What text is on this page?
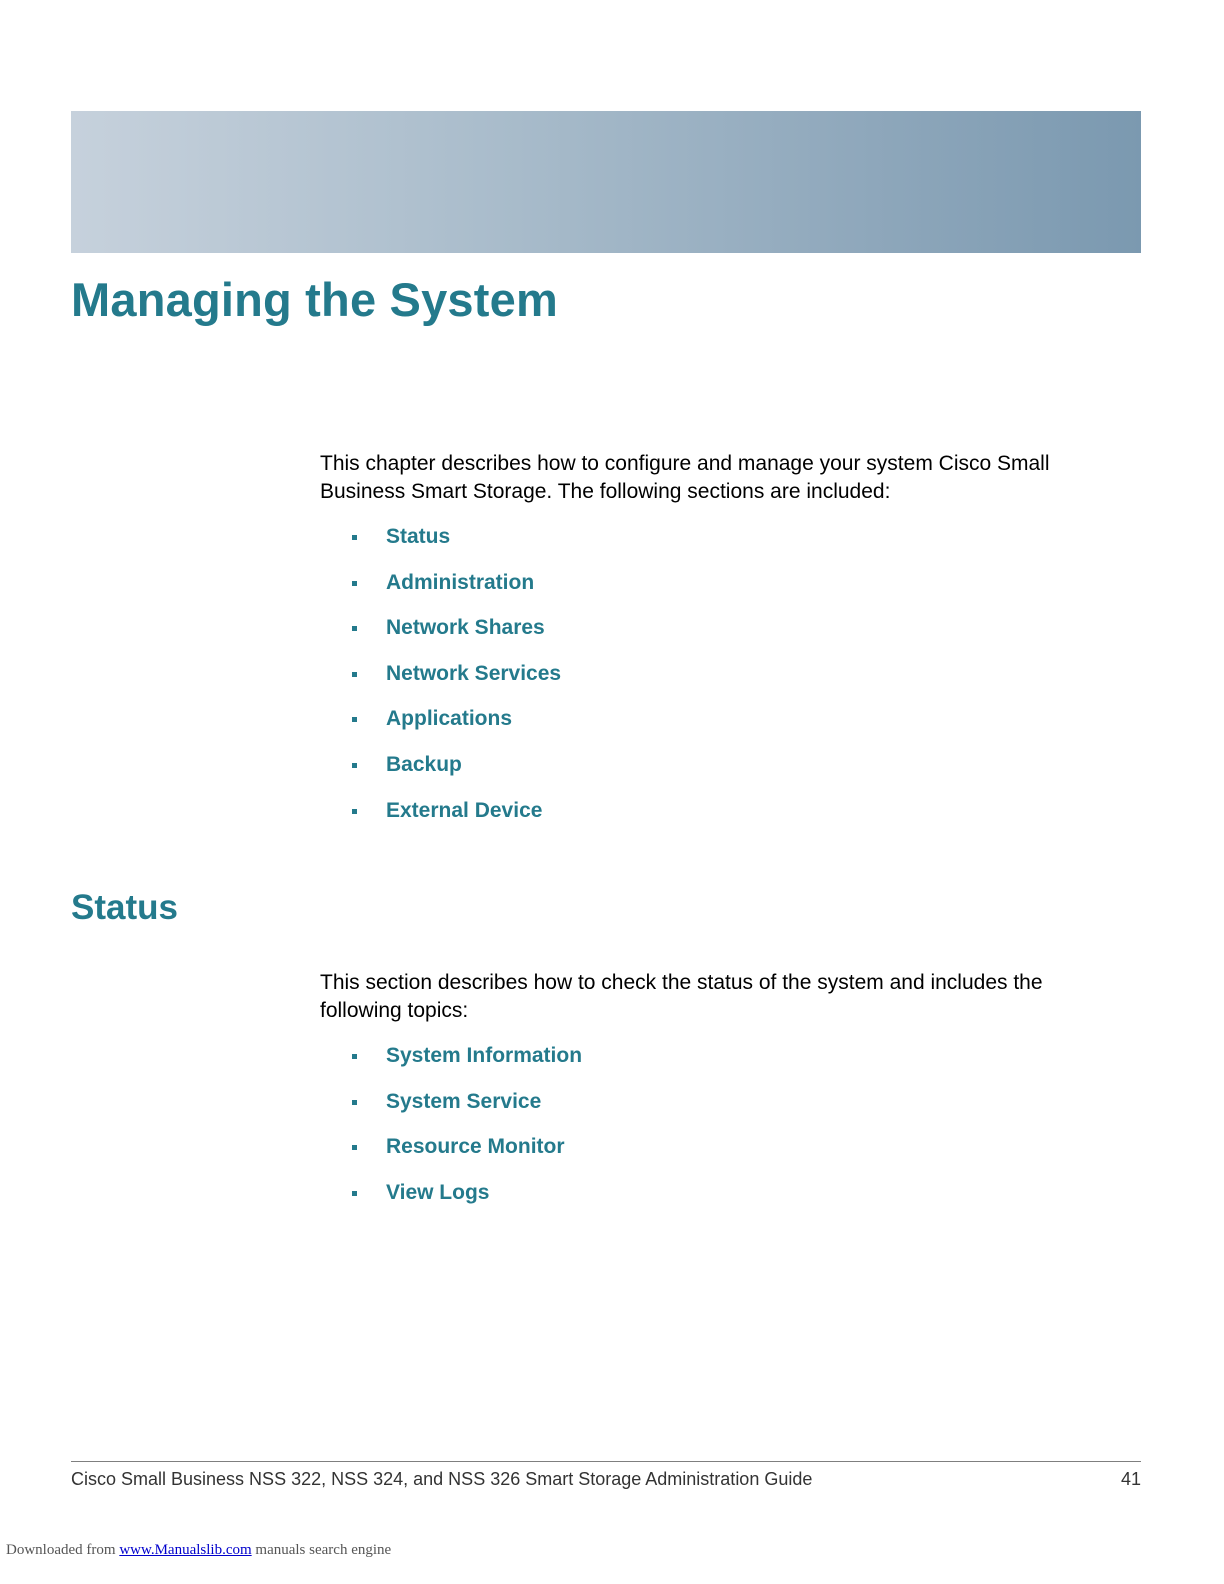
Managing the System

This chapter describes how to configure and manage your system Cisco Small Business Smart Storage. The following sections are included:

Status
Administration
Network Shares
Network Services
Applications
Backup
External Device
Status

This section describes how to check the status of the system and includes the following topics:

System Information
System Service
Resource Monitor
View Logs
Cisco Small Business NSS 322, NSS 324, and NSS 326 Smart Storage Administration Guide	41
Downloaded from www.Manualslib.com manuals search engine
